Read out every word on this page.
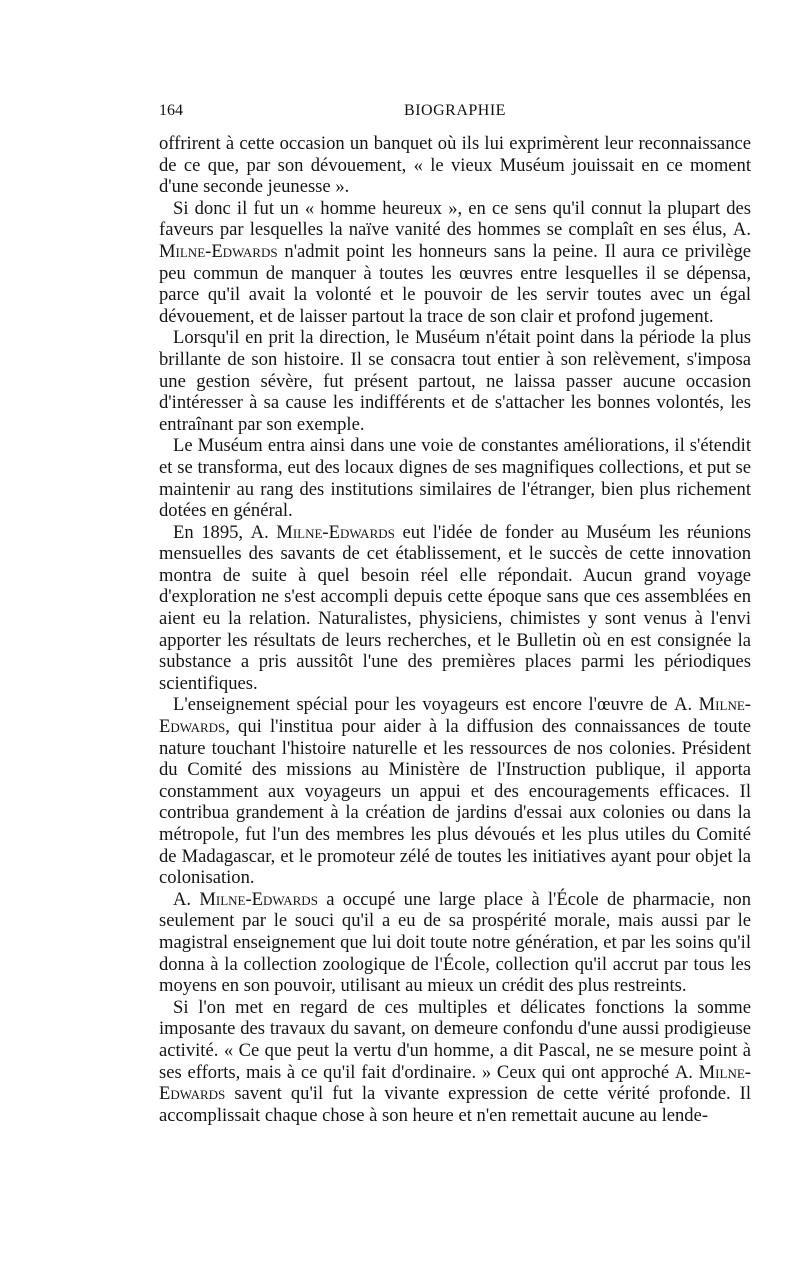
164	BIOGRAPHIE

offrirent à cette occasion un banquet où ils lui exprimèrent leur reconnaissance de ce que, par son dévouement, « le vieux Muséum jouissait en ce moment d'une seconde jeunesse ».

Si donc il fut un « homme heureux », en ce sens qu'il connut la plupart des faveurs par lesquelles la naïve vanité des hommes se complaît en ses élus, A. Milne-Edwards n'admit point les honneurs sans la peine. Il aura ce privilège peu commun de manquer à toutes les œuvres entre lesquelles il se dépensa, parce qu'il avait la volonté et le pouvoir de les servir toutes avec un égal dévouement, et de laisser partout la trace de son clair et profond jugement.

Lorsqu'il en prit la direction, le Muséum n'était point dans la période la plus brillante de son histoire. Il se consacra tout entier à son relèvement, s'imposa une gestion sévère, fut présent partout, ne laissa passer aucune occasion d'intéresser à sa cause les indifférents et de s'attacher les bonnes volontés, les entraînant par son exemple.

Le Muséum entra ainsi dans une voie de constantes améliorations, il s'étendit et se transforma, eut des locaux dignes de ses magnifiques collections, et put se maintenir au rang des institutions similaires de l'étranger, bien plus richement dotées en général.

En 1895, A. Milne-Edwards eut l'idée de fonder au Muséum les réunions mensuelles des savants de cet établissement, et le succès de cette innovation montra de suite à quel besoin réel elle répondait. Aucun grand voyage d'exploration ne s'est accompli depuis cette époque sans que ces assemblées en aient eu la relation. Naturalistes, physiciens, chimistes y sont venus à l'envi apporter les résultats de leurs recherches, et le Bulletin où en est consignée la substance a pris aussitôt l'une des premières places parmi les périodiques scientifiques.

L'enseignement spécial pour les voyageurs est encore l'œuvre de A. Milne-Edwards, qui l'institua pour aider à la diffusion des connaissances de toute nature touchant l'histoire naturelle et les ressources de nos colonies. Président du Comité des missions au Ministère de l'Instruction publique, il apporta constamment aux voyageurs un appui et des encouragements efficaces. Il contribua grandement à la création de jardins d'essai aux colonies ou dans la métropole, fut l'un des membres les plus dévoués et les plus utiles du Comité de Madagascar, et le promoteur zélé de toutes les initiatives ayant pour objet la colonisation.

A. Milne-Edwards a occupé une large place à l'École de pharmacie, non seulement par le souci qu'il a eu de sa prospérité morale, mais aussi par le magistral enseignement que lui doit toute notre génération, et par les soins qu'il donna à la collection zoologique de l'École, collection qu'il accrut par tous les moyens en son pouvoir, utilisant au mieux un crédit des plus restreints.

Si l'on met en regard de ces multiples et délicates fonctions la somme imposante des travaux du savant, on demeure confondu d'une aussi prodigieuse activité. « Ce que peut la vertu d'un homme, a dit Pascal, ne se mesure point à ses efforts, mais à ce qu'il fait d'ordinaire. » Ceux qui ont approché A. Milne-Edwards savent qu'il fut la vivante expression de cette vérité profonde. Il accomplissait chaque chose à son heure et n'en remettait aucune au lende-
